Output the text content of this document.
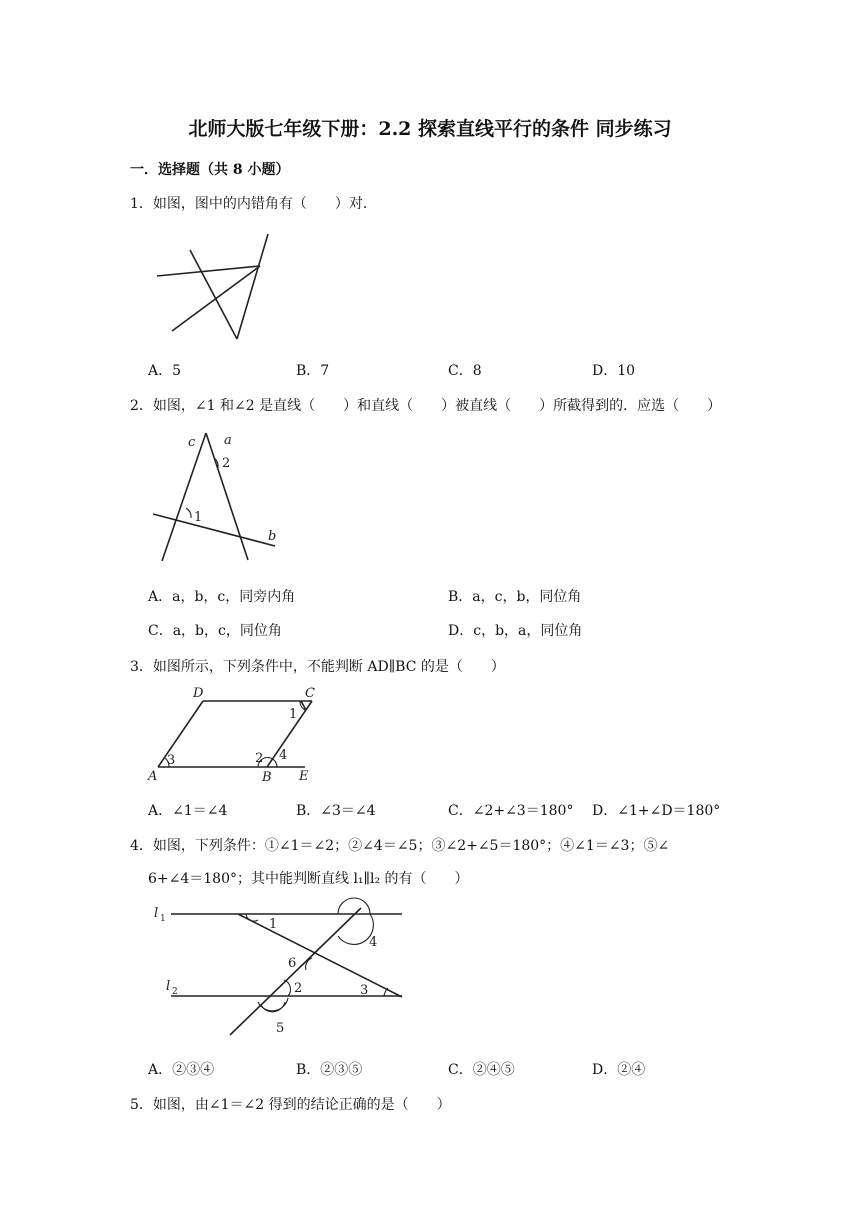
北师大版七年级下册：2.2 探索直线平行的条件 同步练习
一．选择题（共 8 小题）
1．如图，图中的内错角有（　　）对．
A．5	B．7	C．8	D．10
2．如图，∠1 和∠2 是直线（　　）和直线（　　）被直线（　　）所截得到的．应选（　　）
c a
b
2
1
A．a，b，c，同旁内角	B．a，c，b，同位角
C．a，b，c，同位角	D．c，b，a，同位角
3．如图所示，下列条件中，不能判断 AD∥BC 的是（　　）
D	C
A	B E
1
3	2 4
A．∠1＝∠4	B．∠3＝∠4	C．∠2+∠3＝180° D．∠1+∠D＝180°
4．如图，下列条件：①∠1＝∠2；②∠4＝∠5；③∠2+∠5＝180°；④∠1＝∠3；⑤∠
6+∠4＝180°；其中能判断直线 l₁∥l₂ 的有（　　）
l 1
l 2
1
4
6
2	3
5
A．②③④	B．②③⑤	C．②④⑤	D．②④
5．如图，由∠1＝∠2 得到的结论正确的是（　　）
